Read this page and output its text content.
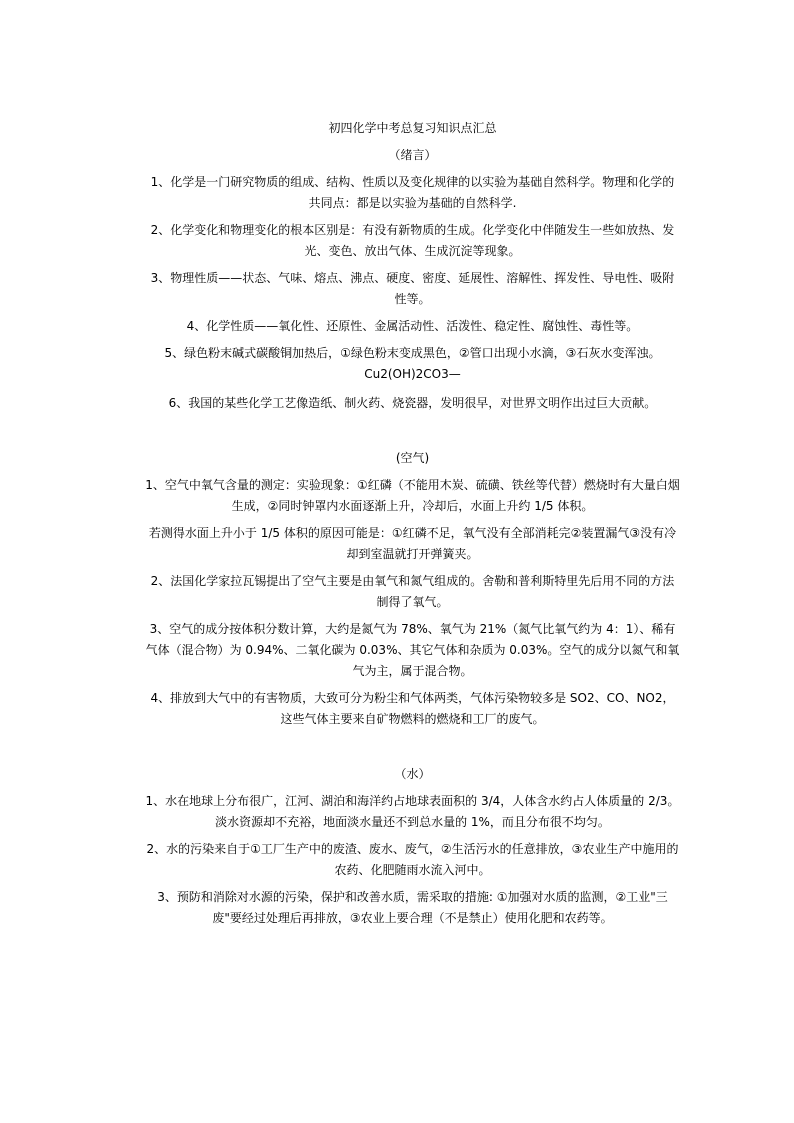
初四化学中考总复习知识点汇总
（绪言）
1、化学是一门研究物质的组成、结构、性质以及变化规律的以实验为基础自然科学。物理和化学的共同点：都是以实验为基础的自然科学.
2、化学变化和物理变化的根本区别是：有没有新物质的生成。化学变化中伴随发生一些如放热、发光、变色、放出气体、生成沉淀等现象。
3、物理性质——状态、气味、熔点、沸点、硬度、密度、延展性、溶解性、挥发性、导电性、吸附性等。
4、化学性质——氧化性、还原性、金属活动性、活泼性、稳定性、腐蚀性、毒性等。
5、绿色粉末碱式碳酸铜加热后，①绿色粉末变成黑色，②管口出现小水滴，③石灰水变浑浊。
Cu2(OH)2CO3—
6、我国的某些化学工艺像造纸、制火药、烧瓷器，发明很早，对世界文明作出过巨大贡献。
(空气)
1、空气中氧气含量的测定：实验现象：①红磷（不能用木炭、硫磺、铁丝等代替）燃烧时有大量白烟生成，②同时钟罩内水面逐渐上升，冷却后，水面上升约 1/5 体积。
若测得水面上升小于 1/5 体积的原因可能是：①红磷不足，氧气没有全部消耗完②装置漏气③没有冷却到室温就打开弹簧夹。
2、法国化学家拉瓦锡提出了空气主要是由氧气和氮气组成的。舍勒和普利斯特里先后用不同的方法制得了氧气。
3、空气的成分按体积分数计算，大约是氮气为 78%、氧气为 21%（氮气比氧气约为 4：1）、稀有气体（混合物）为 0.94%、二氧化碳为 0.03%、其它气体和杂质为 0.03%。空气的成分以氮气和氧气为主，属于混合物。
4、排放到大气中的有害物质，大致可分为粉尘和气体两类，气体污染物较多是 SO2、CO、NO2，这些气体主要来自矿物燃料的燃烧和工厂的废气。
（水）
1、水在地球上分布很广，江河、湖泊和海洋约占地球表面积的 3/4，人体含水约占人体质量的 2/3。淡水资源却不充裕，地面淡水量还不到总水量的 1%，而且分布很不均匀。
2、水的污染来自于①工厂生产中的废渣、废水、废气，②生活污水的任意排放，③农业生产中施用的农药、化肥随雨水流入河中。
3、预防和消除对水源的污染，保护和改善水质，需采取的措施: ①加强对水质的监测，②工业"三废"要经过处理后再排放，③农业上要合理（不是禁止）使用化肥和农药等。
